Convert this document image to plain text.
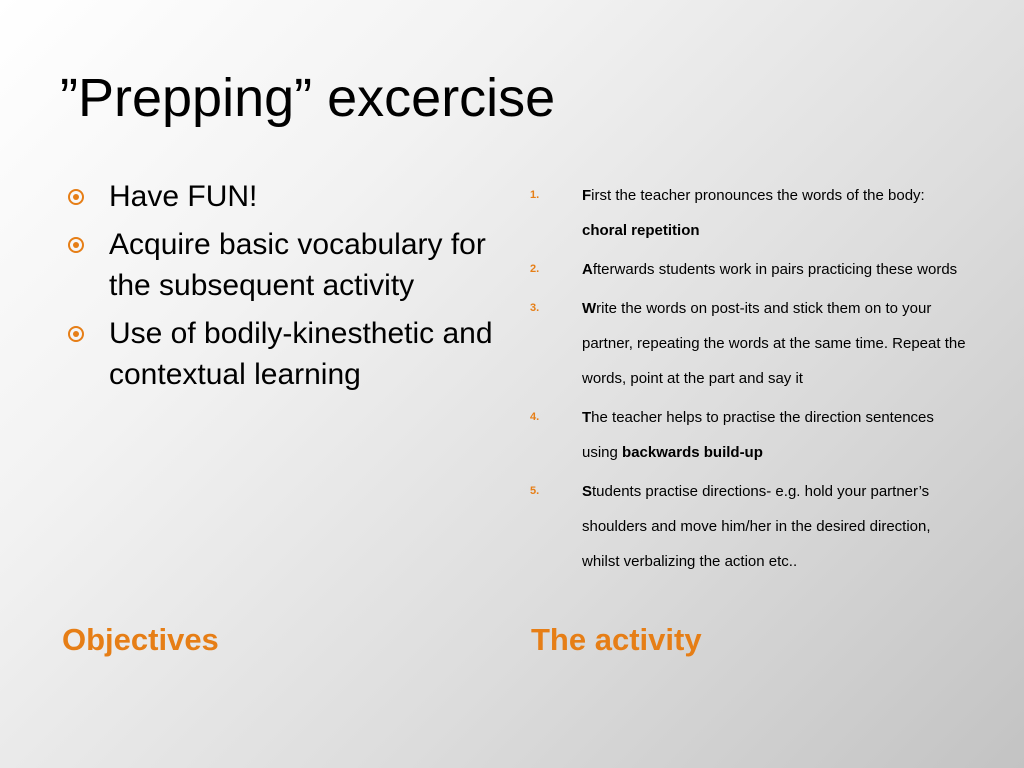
”Prepping” excercise
Have FUN!
Acquire basic vocabulary for the subsequent activity
Use of bodily-kinesthetic and contextual learning
1.	First the teacher pronounces the words of the body: choral repetition
2.	Afterwards students work in pairs practicing these words
3.	Write the words on post-its and stick them on to your partner, repeating the words at the same time. Repeat the words, point at the part and say it
4.	The teacher helps to practise the direction sentences using backwards build-up
5.	Students practise directions- e.g. hold your partner’s shoulders and move him/her in the desired direction, whilst verbalizing the action etc..
Objectives	The activity
